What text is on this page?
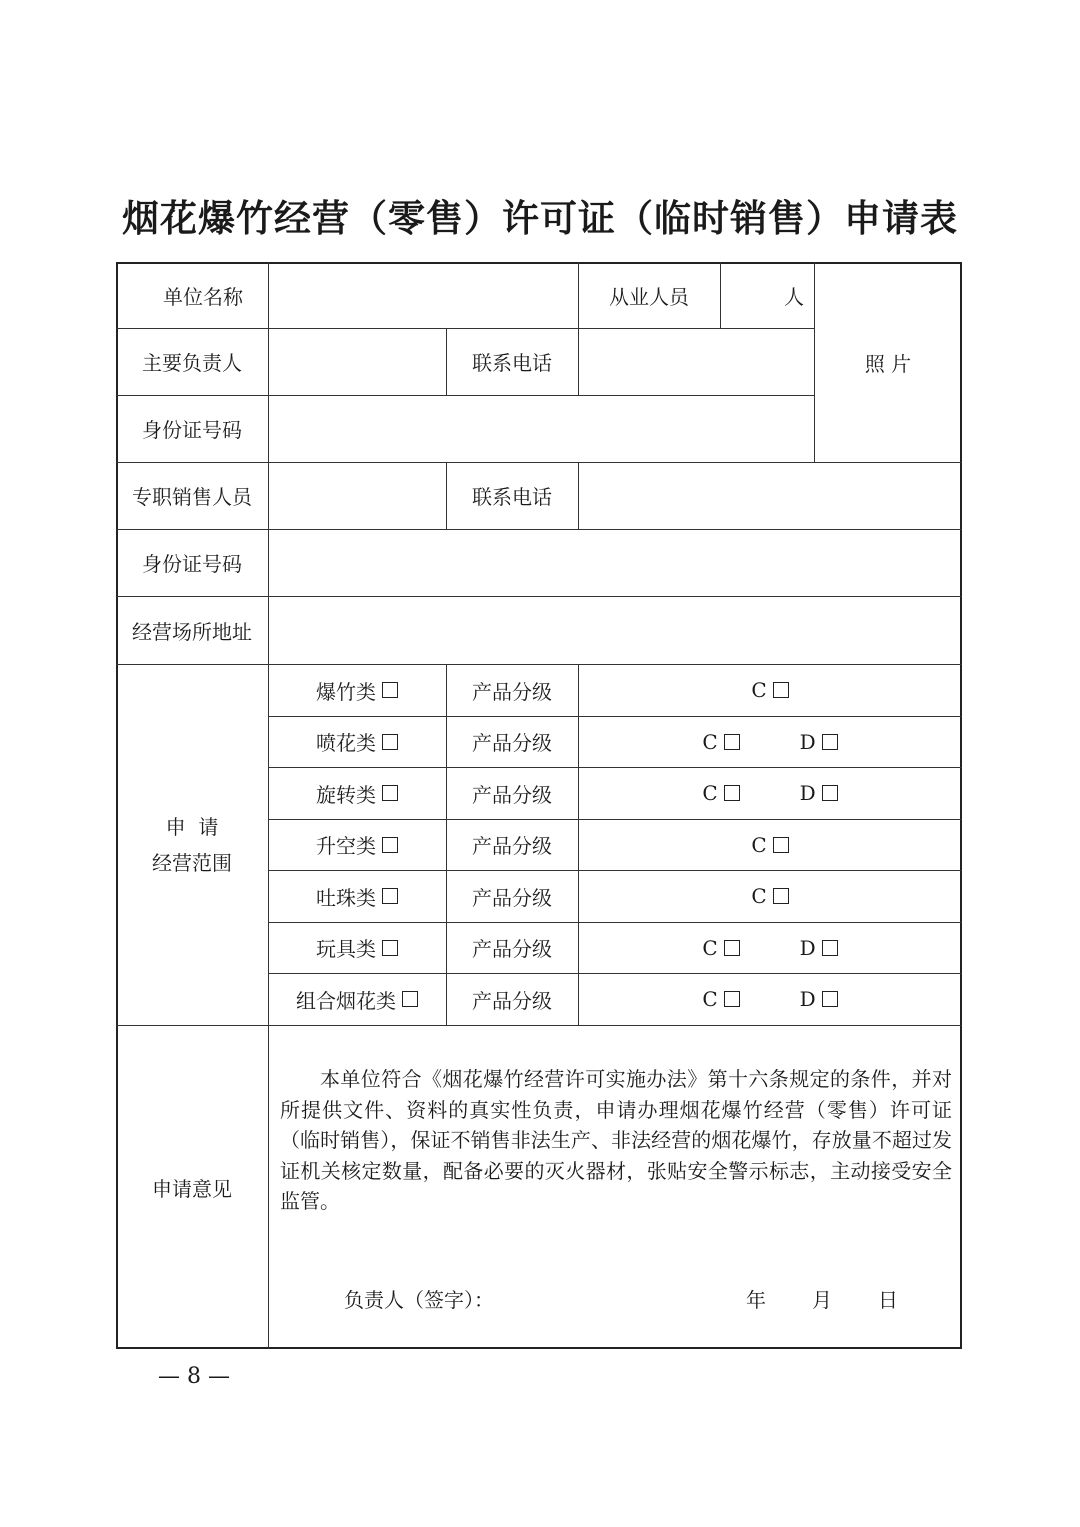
烟花爆竹经营（零售）许可证（临时销售）申请表
单位名称	从业人员	人
照 片
主要负责人	联系电话
身份证号码
专职销售人员	联系电话
身份证号码
经营场所地址
申  请
经营范围
爆竹类	产品分级	C
喷花类	产品分级	C	D
旋转类	产品分级	C	D
升空类	产品分级	C
吐珠类	产品分级	C
玩具类	产品分级	C	D
组合烟花类	产品分级	C	D
申请意见
本单位符合《烟花爆竹经营许可实施办法》第十六条规定的条件，并对所提供文件、资料的真实性负责，申请办理烟花爆竹经营（零售）许可证（临时销售），保证不销售非法生产、非法经营的烟花爆竹，存放量不超过发证机关核定数量，配备必要的灭火器材，张贴安全警示标志，主动接受安全监管。
负责人（签字）：	年 月 日
— 8 —
